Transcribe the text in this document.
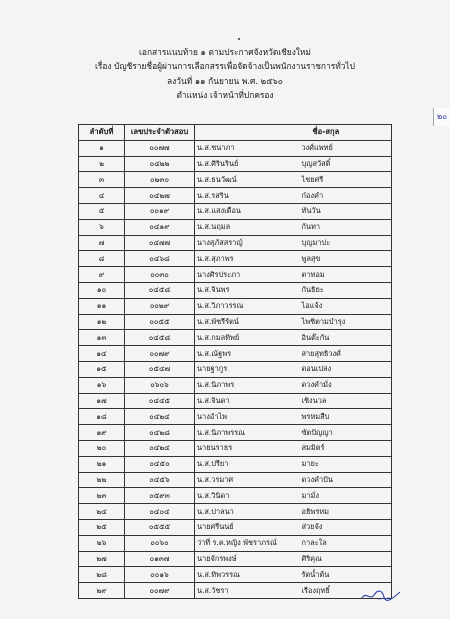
เอกสารแนบท้าย ๑ ตามประกาศจังหวัดเชียงใหม่
เรื่อง บัญชีรายชื่อผู้ผ่านการเลือกสรรเพื่อจัดจ้างเป็นพนักงานราชการทั่วไป
ลงวันที่ ๑๑ กันยายน พ.ศ. ๒๕๖๐
ตำแหน่ง เจ้าหน้าที่ปกครอง
๒๐
ลำดับที่	เลขประจำตัวสอบ		ชื่อ-สกุล
๑	๐๐๗๗	น.ส.ชนาภา	วงศ์แพทย์
๒	๐๔๒๒	น.ส.ศิรินรินย์	บุญสวัสดิ์
๓	๐๒๓๐	น.ส.ธนวัฒน์	ไชยศรี
๔	๐๔๒๗	น.ส.รสริน	ก๋องคำ
๕	๐๐๑๙	น.ส.แสงเดือน	ทันวัน
๖	๐๔๑๙	น.ส.นฤมล	กันทา
๗	๐๔๗๗	นางสุภัสสราญ์	บุญมาปะ
๘	๐๔๖๘	น.ส.สุภาพร	พูลสุข
๙	๐๐๓๐	นางศิรประภา	ตาทอม
๑๐	๐๔๕๘	น.ส.จินพร	กันธิยะ
๑๑	๐๐๒๙	น.ส.วิภาวรรณ	ไอแจ้ง
๑๒	๐๐๕๕	น.ส.พัชรีรัตน์	ไพชิตามบำรุง
๑๓	๐๔๕๘	น.ส.กมลทิพย์	อินต๊ะกัน
๑๔	๐๐๗๙	น.ส.ณัฐพร	สายสุทธิวงศ์
๑๕	๐๕๔๗	นายฐากูร	ดอนเปล่ง
๑๖	๐๖๐๖	น.ส.นิภาพร	ดวงคำมั่ง
๑๗	๐๔๔๕	น.ส.จินดา	เชิงนวล
๑๘	๐๔๒๔	นางอำไพ	พรหมสืบ
๑๙	๐๔๒๘	น.ส.นิภาพรรณ	ซัตปัญญา
๒๐	๐๔๒๔	นายนราธร	สมมิตร์
๒๑	๐๔๕๐	น.ส.ปรียา	มายะ
๒๒	๐๔๕๖	น.ส.วรมาศ	ดวงคำปัน
๒๓	๐๕๙๓	น.ส.วินิดา	มามั่ง
๒๔	๐๔๐๔	น.ส.ปาลนา	อธิพรหม
๒๕	๐๕๕๕	นายศรีนนย์	ส่วยจัง
๒๖	๐๐๖๐	ว่าที่ ร.ต.หญิง พัชราภรณ์	กาละใล
๒๗	๐๑๓๗	นายจักรพงษ์	ศิริคุณ
๒๘	๐๐๑๖	น.ส.ทิพวรรณ	รัตน์ำต้น
๒๙	๐๐๗๙	น.ส.วัชรา	เรืองฤทธิ์
